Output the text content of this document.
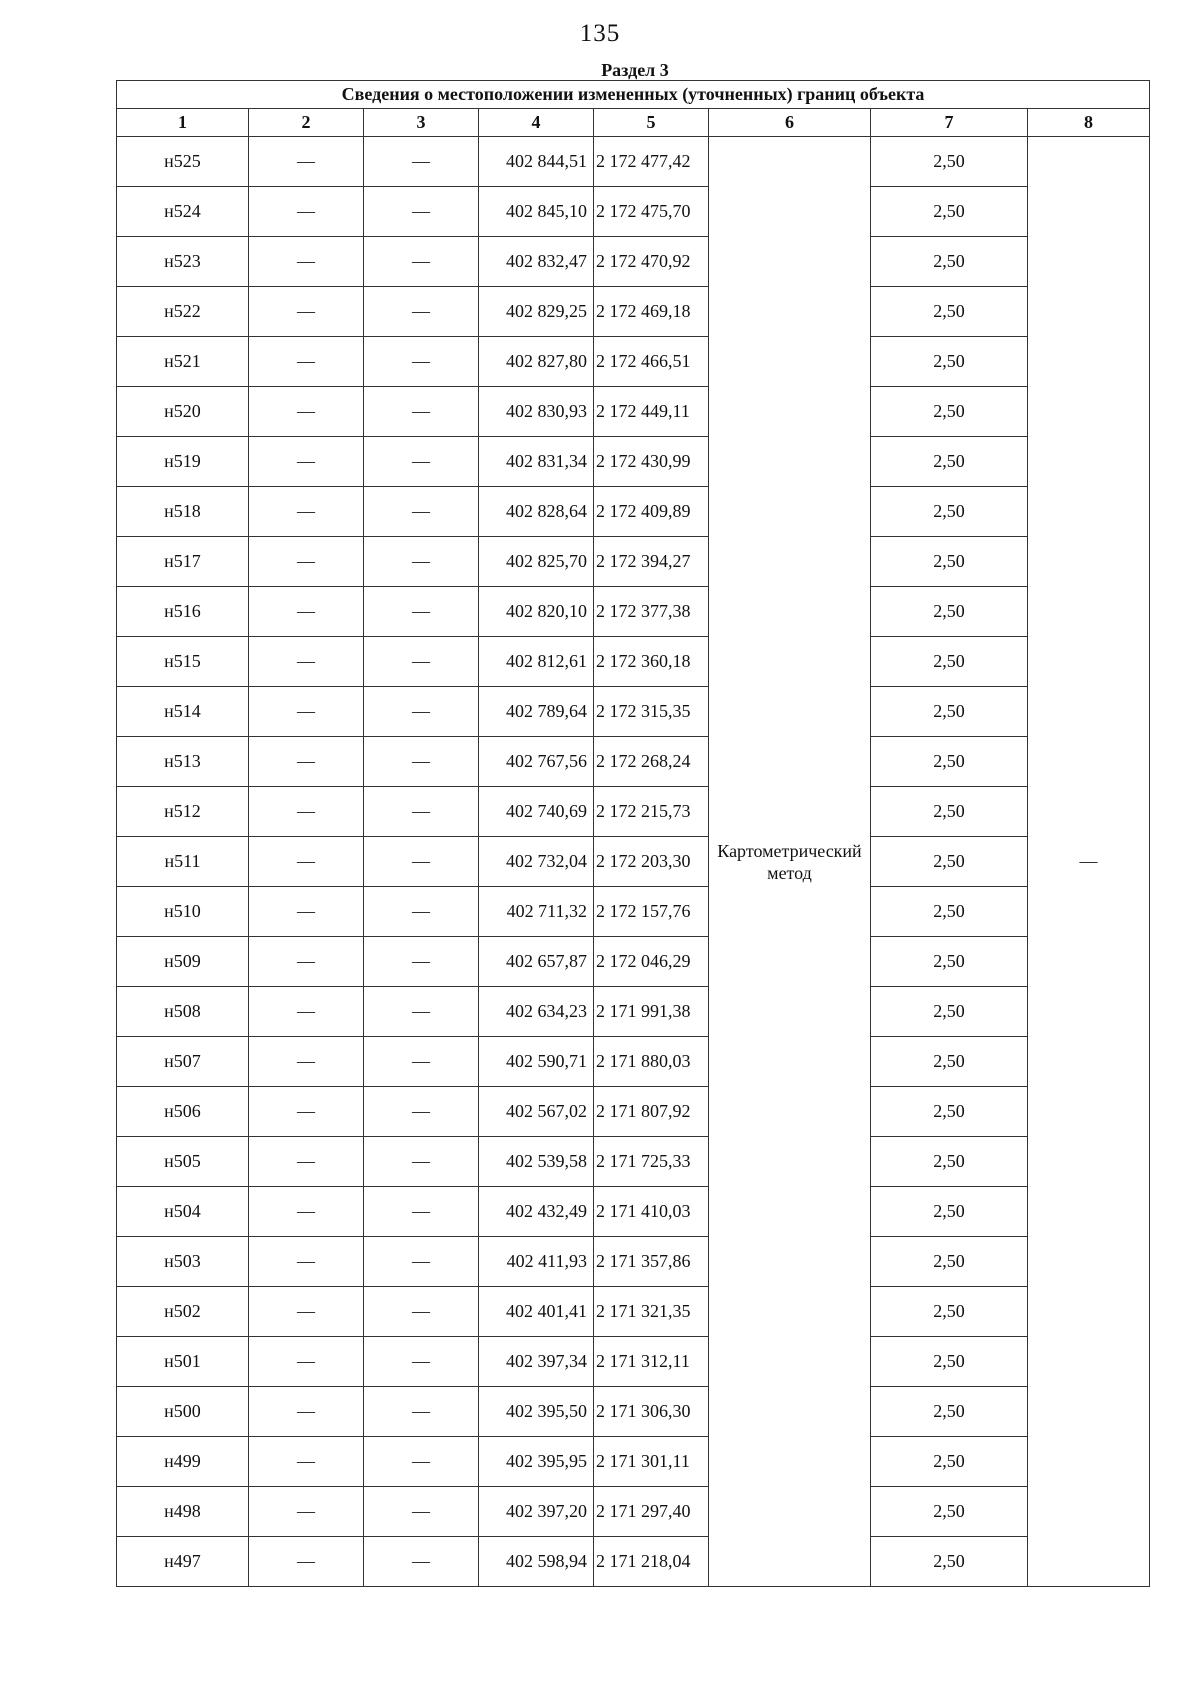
135
Раздел 3
Сведения о местоположении измененных (уточненных) границ объекта							
1	2	3	4	5	6	7	8
н525	—	—	402 844,51	2 172 477,42	Картометрический метод	2,50	—
н524	—	—	402 845,10	2 172 475,70		2,50	
н523	—	—	402 832,47	2 172 470,92		2,50	
н522	—	—	402 829,25	2 172 469,18		2,50	
н521	—	—	402 827,80	2 172 466,51		2,50	
н520	—	—	402 830,93	2 172 449,11		2,50	
н519	—	—	402 831,34	2 172 430,99		2,50	
н518	—	—	402 828,64	2 172 409,89		2,50	
н517	—	—	402 825,70	2 172 394,27		2,50	
н516	—	—	402 820,10	2 172 377,38		2,50	
н515	—	—	402 812,61	2 172 360,18		2,50	
н514	—	—	402 789,64	2 172 315,35		2,50	
н513	—	—	402 767,56	2 172 268,24		2,50	
н512	—	—	402 740,69	2 172 215,73		2,50	
н511	—	—	402 732,04	2 172 203,30		2,50	
н510	—	—	402 711,32	2 172 157,76		2,50	
н509	—	—	402 657,87	2 172 046,29		2,50	
н508	—	—	402 634,23	2 171 991,38		2,50	
н507	—	—	402 590,71	2 171 880,03		2,50	
н506	—	—	402 567,02	2 171 807,92		2,50	
н505	—	—	402 539,58	2 171 725,33		2,50	
н504	—	—	402 432,49	2 171 410,03		2,50	
н503	—	—	402 411,93	2 171 357,86		2,50	
н502	—	—	402 401,41	2 171 321,35		2,50	
н501	—	—	402 397,34	2 171 312,11		2,50	
н500	—	—	402 395,50	2 171 306,30		2,50	
н499	—	—	402 395,95	2 171 301,11		2,50	
н498	—	—	402 397,20	2 171 297,40		2,50	
н497	—	—	402 598,94	2 171 218,04		2,50	
